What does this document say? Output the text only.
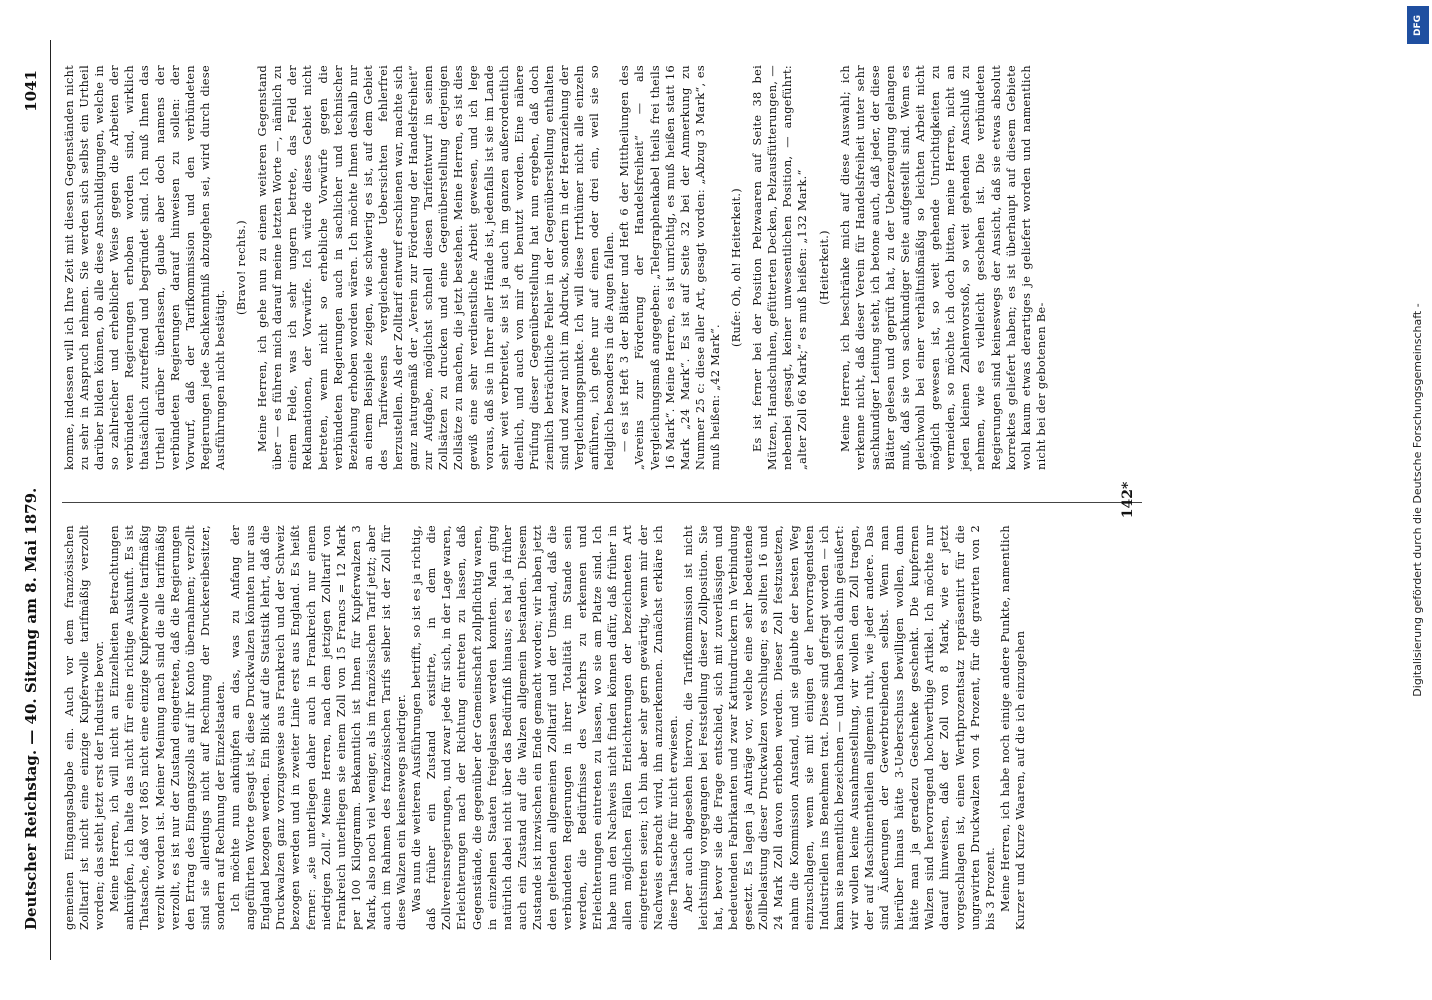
Deutscher Reichstag. — 40. Sitzung am 8. Mai 1879.
1041

gemeinen Eingangsabgabe ein. Auch vor dem französischen Zolltarif ist nicht eine einzige Kupferwolle tarifmäßig verzollt worden; das steht jetzt erst der Industrie bevor. Meine Herren, ich will nicht an Einzelheiten Betrachtungen anknüpfen, ich halte das nicht für eine richtige Auskunft. Es ist Thatsache, daß vor 1865 nicht eine einzige Kupferwolle tarifmäßig verzollt worden ist. Meiner Meinung nach sind die alle tarifmäßig verzollt, es ist nur der Zustand eingetreten, daß die Regierungen den Ertrag des Eingangszolls auf ihr Konto übernahmen; verzollt sind sie allerdings nicht auf Rechnung der Druckereibesitzer, sondern auf Rechnung der Einzelstaaten. Ich möchte nun anknüpfen an das, was zu Anfang der angeführten Worte gesagt ist, diese Druckwalzen könnten nur aus England bezogen werden. Ein Blick auf die Statistik lehrt, daß die Druckwalzen ganz vorzugsweise aus Frankreich und der Schweiz bezogen werden und in zweiter Linie erst aus England. Es heißt ferner: „sie unterliegen daher auch in Frankreich nur einem niedrigen Zoll.“ Meine Herren, nach dem jetzigen Zolltarif von Frankreich unterliegen sie einem Zoll von 15 Francs = 12 Mark per 100 Kilogramm. Bekanntlich ist Ihnen für Kupferwalzen 3 Mark, also noch viel weniger, als im französischen Tarif jetzt; aber auch im Rahmen des französischen Tarifs selber ist der Zoll für diese Walzen ein keineswegs niedriger. Was nun die weiteren Ausführungen betrifft, so ist es ja richtig, daß früher ein Zustand existirte, in dem die Zollvereinsregierungen, und zwar jede für sich, in der Lage waren, Erleichterungen nach der Richtung eintreten zu lassen, daß Gegenstände, die gegenüber der Gemeinschaft zollpflichtig waren, in einzelnen Staaten freigelassen werden konnten. Man ging natürlich dabei nicht über das Bedürfniß hinaus; es hat ja früher auch ein Zustand auf die Walzen allgemein bestanden. Diesem Zustande ist inzwischen ein Ende gemacht worden; wir haben jetzt den geltenden allgemeinen Zolltarif und der Umstand, daß die verbündeten Regierungen in ihrer Totalität im Stande sein werden, die Bedürfnisse des Verkehrs zu erkennen und Erleichterungen eintreten zu lassen, wo sie am Platze sind. Ich habe nun den Nachweis nicht finden können dafür, daß früher in allen möglichen Fällen Erleichterungen der bezeichneten Art eingetreten seien; ich bin aber sehr gern gewärtig, wenn mir der Nachweis erbracht wird, ihn anzuerkennen. Zunächst erkläre ich diese Thatsache für nicht erwiesen. Aber auch abgesehen hiervon, die Tarifkommission ist nicht leichtsinnig vorgegangen bei Feststellung dieser Zollposition. Sie hat, bevor sie die Frage entschied, sich mit zuverlässigen und bedeutenden Fabrikanten und zwar Kattundruckern in Verbindung gesetzt. Es lagen ja Anträge vor, welche eine sehr bedeutende Zollbelastung dieser Druckwalzen vorschlugen; es sollten 16 und 24 Mark Zoll davon erhoben werden. Dieser Zoll festzusetzen, nahm die Kommission Anstand, und sie glaubte der besten Weg einzuschlagen, wenn sie mit einigen der hervorragendsten Industriellen ins Benehmen trat. Diese sind gefragt worden — ich kann sie namentlich bezeichnen — und haben sich dahin geäußert: wir wollen keine Ausnahmestellung, wir wollen den Zoll tragen, der auf Maschinentheilen allgemein ruht, wie jeder andere. Das sind Äußerungen der Gewerbtreibenden selbst. Wenn man hierüber hinaus hätte 3-Ueberschuss bewilligen wollen, dann hätte man ja geradezu Geschenke geschenkt. Die kupfernen Walzen sind hervorragend hochwerthige Artikel. Ich möchte nur darauf hinweisen, daß der Zoll von 8 Mark, wie er jetzt vorgeschlagen ist, einen Werthprozentsatz repräsentirt für die ungravirten Druckwalzen von 4 Prozent, für die gravirten von 2 bis 3 Prozent. Meine Herren, ich habe noch einige andere Punkte, namentlich Kurzer und Kurze Waaren, auf die ich einzugehen

komme, indessen will ich Ihre Zeit mit diesen Gegenständen nicht zu sehr in Anspruch nehmen. Sie werden sich selbst ein Urtheil darüber bilden können, ob alle diese Anschuldigungen, welche in so zahlreicher und erheblicher Weise gegen die Arbeiten der verbündeten Regierungen erhoben worden sind, wirklich thatsächlich zutreffend und begründet sind. Ich muß Ihnen das Urtheil darüber überlassen, glaube aber doch namens der verbündeten Regierungen darauf hinweisen zu sollen: der Vorwurf, daß der Tarifkommission und den verbündeten Regierungen jede Sachkenntniß abzugehen sei, wird durch diese Ausführungen nicht bestätigt.

(Bravo! rechts.) Meine Herren, ich gehe nun zu einem weiteren Gegenstand über — es führen mich darauf meine letzten Worte —, nämlich zu einem Felde, was ich sehr ungern betrete, das Feld der Reklamationen, der Vorwürfe. Ich würde dieses Gebiet nicht betreten, wenn nicht so erhebliche Vorwürfe gegen die verbündeten Regierungen auch in sachlicher und technischer Beziehung erhoben worden wären. Ich möchte Ihnen deshalb nur an einem Beispiele zeigen, wie schwierig es ist, auf dem Gebiet des Tarifwesens vergleichende Uebersichten fehlerfrei herzustellen. Als der Zolltarif entwurf erschienen war, machte sich ganz naturgemäß der „Verein zur Förderung der Handelsfreiheit“ zur Aufgabe, möglichst schnell diesen Tarifentwurf in seinen Zollsätzen zu drucken und eine Gegenüberstellung derjenigen Zollsätze zu machen, die jetzt bestehen. Meine Herren, es ist dies gewiß eine sehr verdienstliche Arbeit gewesen, und ich lege voraus, daß sie in Ihrer aller Hände ist, jedenfalls ist sie im Lande sehr weit verbreitet, sie ist ja auch im ganzen außerordentlich dienlich, und auch von mir oft benutzt worden. Eine nähere Prüfung dieser Gegenüberstellung hat nun ergeben, daß doch ziemlich beträchtliche Fehler in der Gegenüberstellung enthalten sind und zwar nicht im Abdruck, sondern in der Heranziehung der Vergleichungspunkte. Ich will diese Irrthümer nicht alle einzeln anführen, ich gehe nur auf einen oder drei ein, weil sie so lediglich besonders in die Augen fallen. — es ist Heft 3 der Blätter und Heft 6 der Mittheilungen des „Vereins zur Förderung der Handelsfreiheit“ — als Vergleichungsmaß angegeben: „Telegraphenkabel theils frei theils 16 Mark“. Meine Herren, es ist unrichtig, es muß heißen statt 16 Mark „24 Mark“. Es ist auf Seite 32 bei der Anmerkung zu Nummer 25 c: diese aller Art, gesagt worden: „Abzug 3 Mark“, es muß heißen: „42 Mark“.

(Rufe: Oh, oh! Heiterkeit.) Es ist ferner bei der Position Pelzwaaren auf Seite 38 bei Mützen, Handschuhen, gefütterten Decken, Pelzausfütterungen, — nebenbei gesagt, keiner unwesentlichen Position, — angeführt: „alter Zoll 66 Mark;“ es muß heißen: „132 Mark.“ (Heiterkeit.) Meine Herren, ich beschränke mich auf diese Auswahl; ich verkenne nicht, daß dieser Verein für Handelsfreiheit unter sehr sachkundiger Leitung steht, ich betone auch, daß jeder, der diese Blätter gelesen und geprüft hat, zu der Ueberzeugung gelangen muß, daß sie von sachkundiger Seite aufgestellt sind. Wenn es gleichwohl bei einer verhältnißmäßig so leichten Arbeit nicht möglich gewesen ist, so weit gehende Unrichtigkeiten zu vermeiden, so möchte ich doch bitten, meine Herren, nicht an jeden kleinen Zahlenvorstoß, so weit gehenden Anschluß zu nehmen, wie es vielleicht geschehen ist. Die verbündeten Regierungen sind keineswegs der Ansicht, daß sie etwas absolut korrektes geliefert haben; es ist überhaupt auf diesem Gebiete wohl kaum etwas derartiges je geliefert worden und namentlich nicht bei der gebotenen Be-

142*	Digitalisierung gefördert durch die Deutsche Forschungsgemeinschaft -
DFG
